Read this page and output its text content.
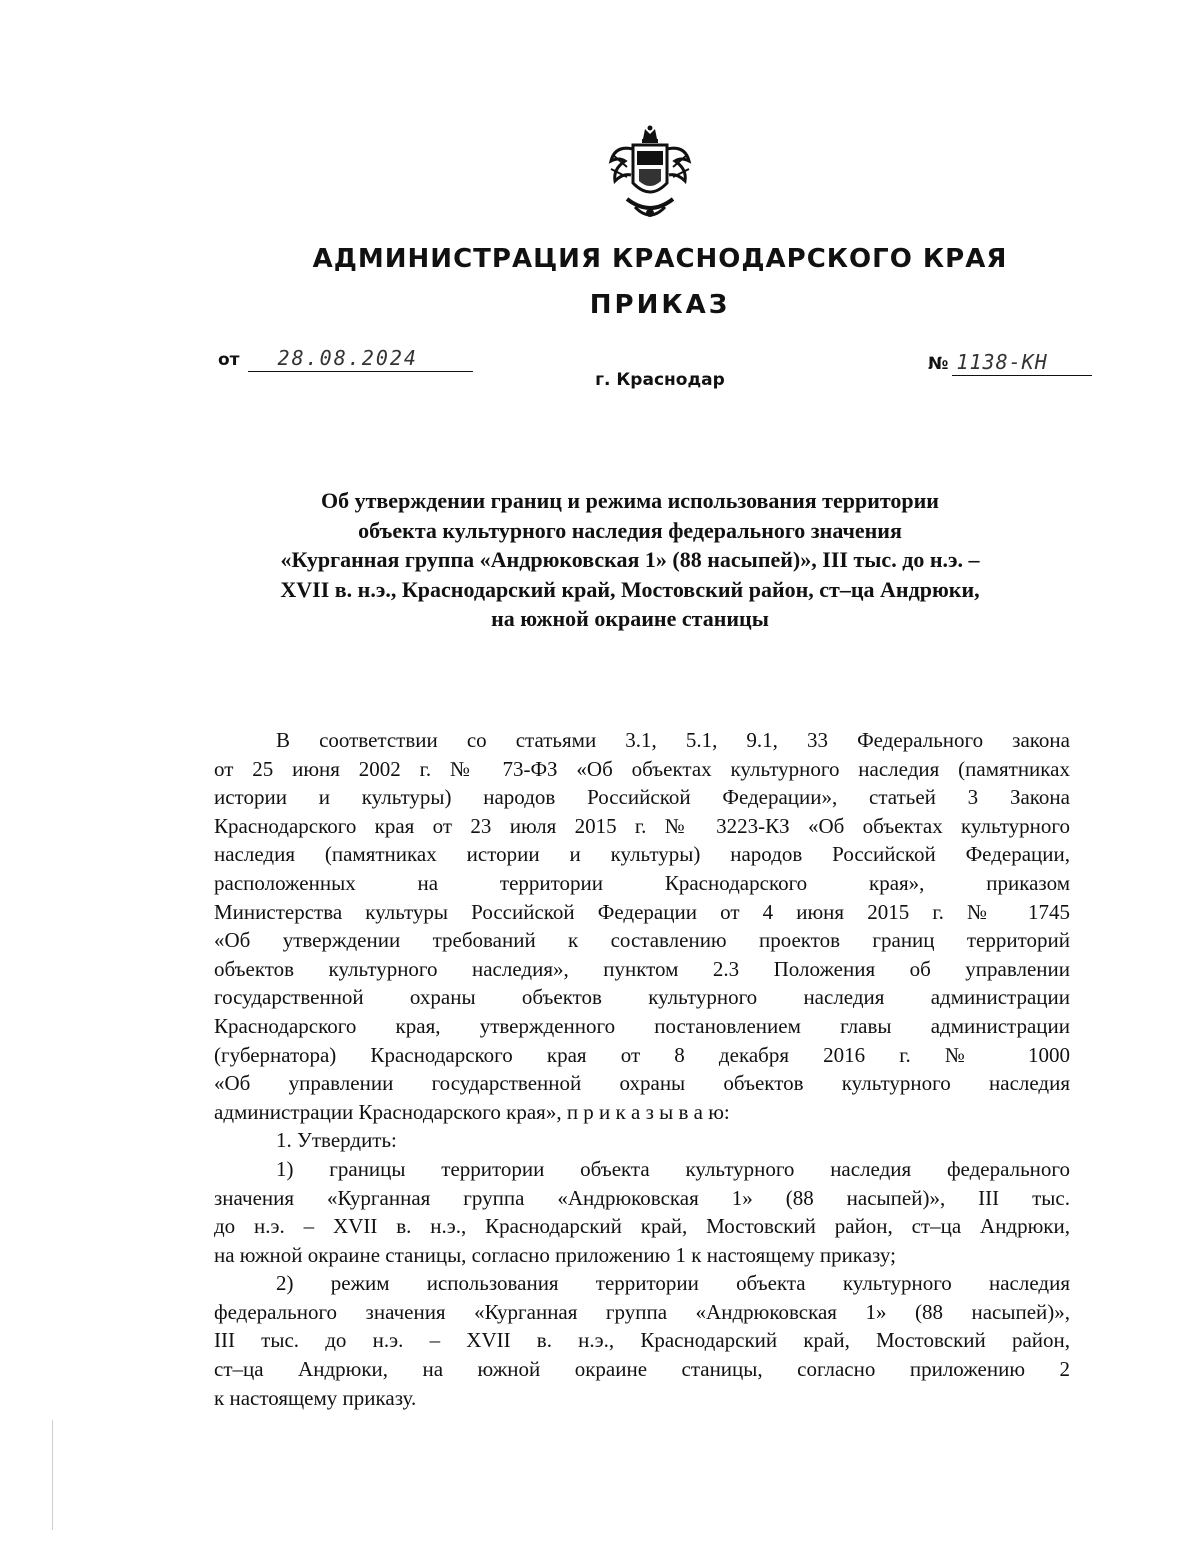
АДМИНИСТРАЦИЯ КРАСНОДАРСКОГО КРАЯ
ПРИКАЗ
от 28.08.2024	№ 1138-КН
г. Краснодар
Об утверждении границ и режима использования территории
объекта культурного наследия федерального значения
«Курганная группа «Андрюковская 1» (88 насыпей)», III тыс. до н.э. –
XVII в. н.э., Краснодарский край, Мостовский район, ст–ца Андрюки,
на южной окраине станицы
В соответствии со статьями 3.1, 5.1, 9.1, 33 Федерального закона
от 25 июня 2002 г. № 73-ФЗ «Об объектах культурного наследия (памятниках
истории и культуры) народов Российской Федерации», статьей 3 Закона
Краснодарского края от 23 июля 2015 г. № 3223-КЗ «Об объектах культурного
наследия (памятниках истории и культуры) народов Российской Федерации,
расположенных на территории Краснодарского края», приказом
Министерства культуры Российской Федерации от 4 июня 2015 г. № 1745
«Об утверждении требований к составлению проектов границ территорий
объектов культурного наследия», пунктом 2.3 Положения об управлении
государственной охраны объектов культурного наследия администрации
Краснодарского края, утвержденного постановлением главы администрации
(губернатора) Краснодарского края от 8 декабря 2016 г. № 1000
«Об управлении государственной охраны объектов культурного наследия
администрации Краснодарского края», п р и к а з ы в а ю:
1. Утвердить:
1) границы территории объекта культурного наследия федерального
значения «Курганная группа «Андрюковская 1» (88 насыпей)», III тыс.
до н.э. – XVII в. н.э., Краснодарский край, Мостовский район, ст–ца Андрюки,
на южной окраине станицы, согласно приложению 1 к настоящему приказу;
2) режим использования территории объекта культурного наследия
федерального значения «Курганная группа «Андрюковская 1» (88 насыпей)»,
III тыс. до н.э. – XVII в. н.э., Краснодарский край, Мостовский район,
ст–ца Андрюки, на южной окраине станицы, согласно приложению 2
к настоящему приказу.
